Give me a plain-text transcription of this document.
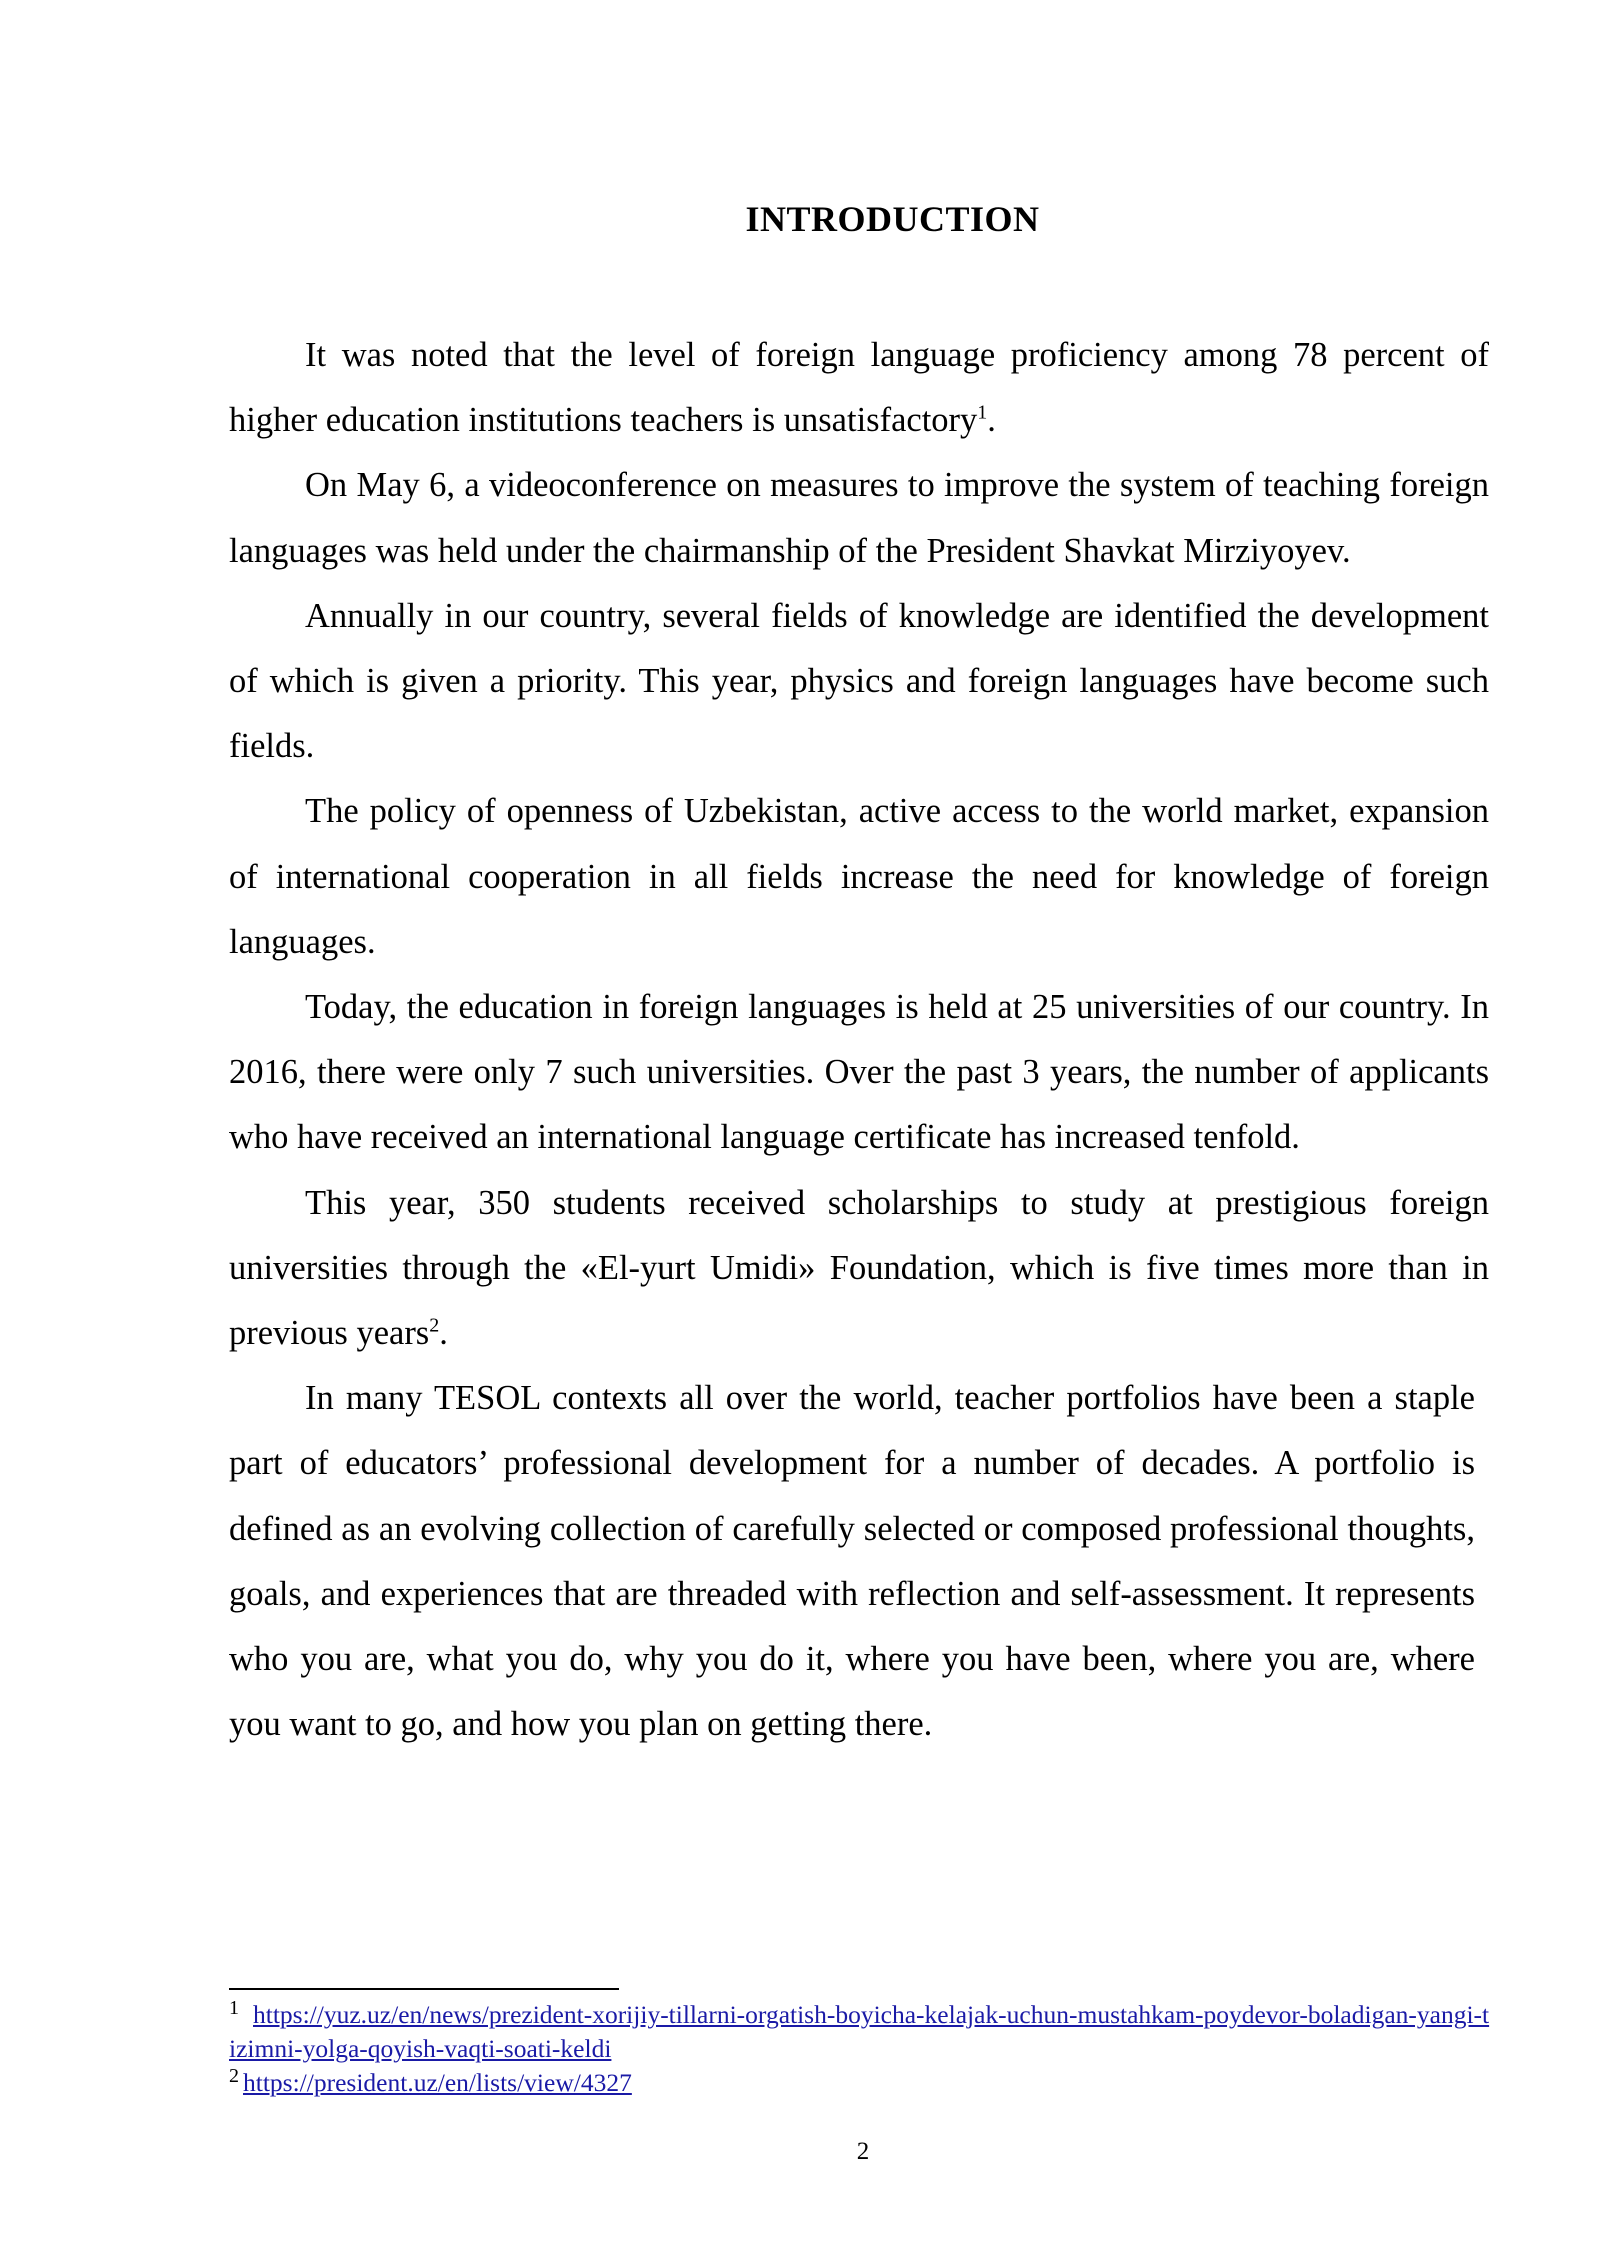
INTRODUCTION

It was noted that the level of foreign language proficiency among 78 percent of higher education institutions teachers is unsatisfactory$^1$.

On May 6, a videoconference on measures to improve the system of teaching foreign languages was held under the chairmanship of the President Shavkat Mirziyoyev.

Annually in our country, several fields of knowledge are identified the development of which is given a priority. This year, physics and foreign languages have become such fields.

The policy of openness of Uzbekistan, active access to the world market, expansion of international cooperation in all fields increase the need for knowledge of foreign languages.

Today, the education in foreign languages is held at 25 universities of our country. In 2016, there were only 7 such universities. Over the past 3 years, the number of applicants who have received an international language certificate has increased tenfold.

This year, 350 students received scholarships to study at prestigious foreign universities through the «El-yurt Umidi» Foundation, which is five times more than in previous years$^2$.

In many TESOL contexts all over the world, teacher portfolios have been a staple part of educators’ professional development for a number of decades. A portfolio is defined as an evolving collection of carefully selected or composed professional thoughts, goals, and experiences that are threaded with reflection and self-assessment. It represents who you are, what you do, why you do it, where you have been, where you are, where you want to go, and how you plan on getting there.

$^1$ https://yuz.uz/en/news/prezident-xorijiy-tillarni-orgatish-boyicha-kelajak-uchun-mustahkam-poydevor-boladigan-yangi-tizimni-yolga-qoyish-vaqti-soati-keldi

$^2$ https://president.uz/en/lists/view/4327

2
